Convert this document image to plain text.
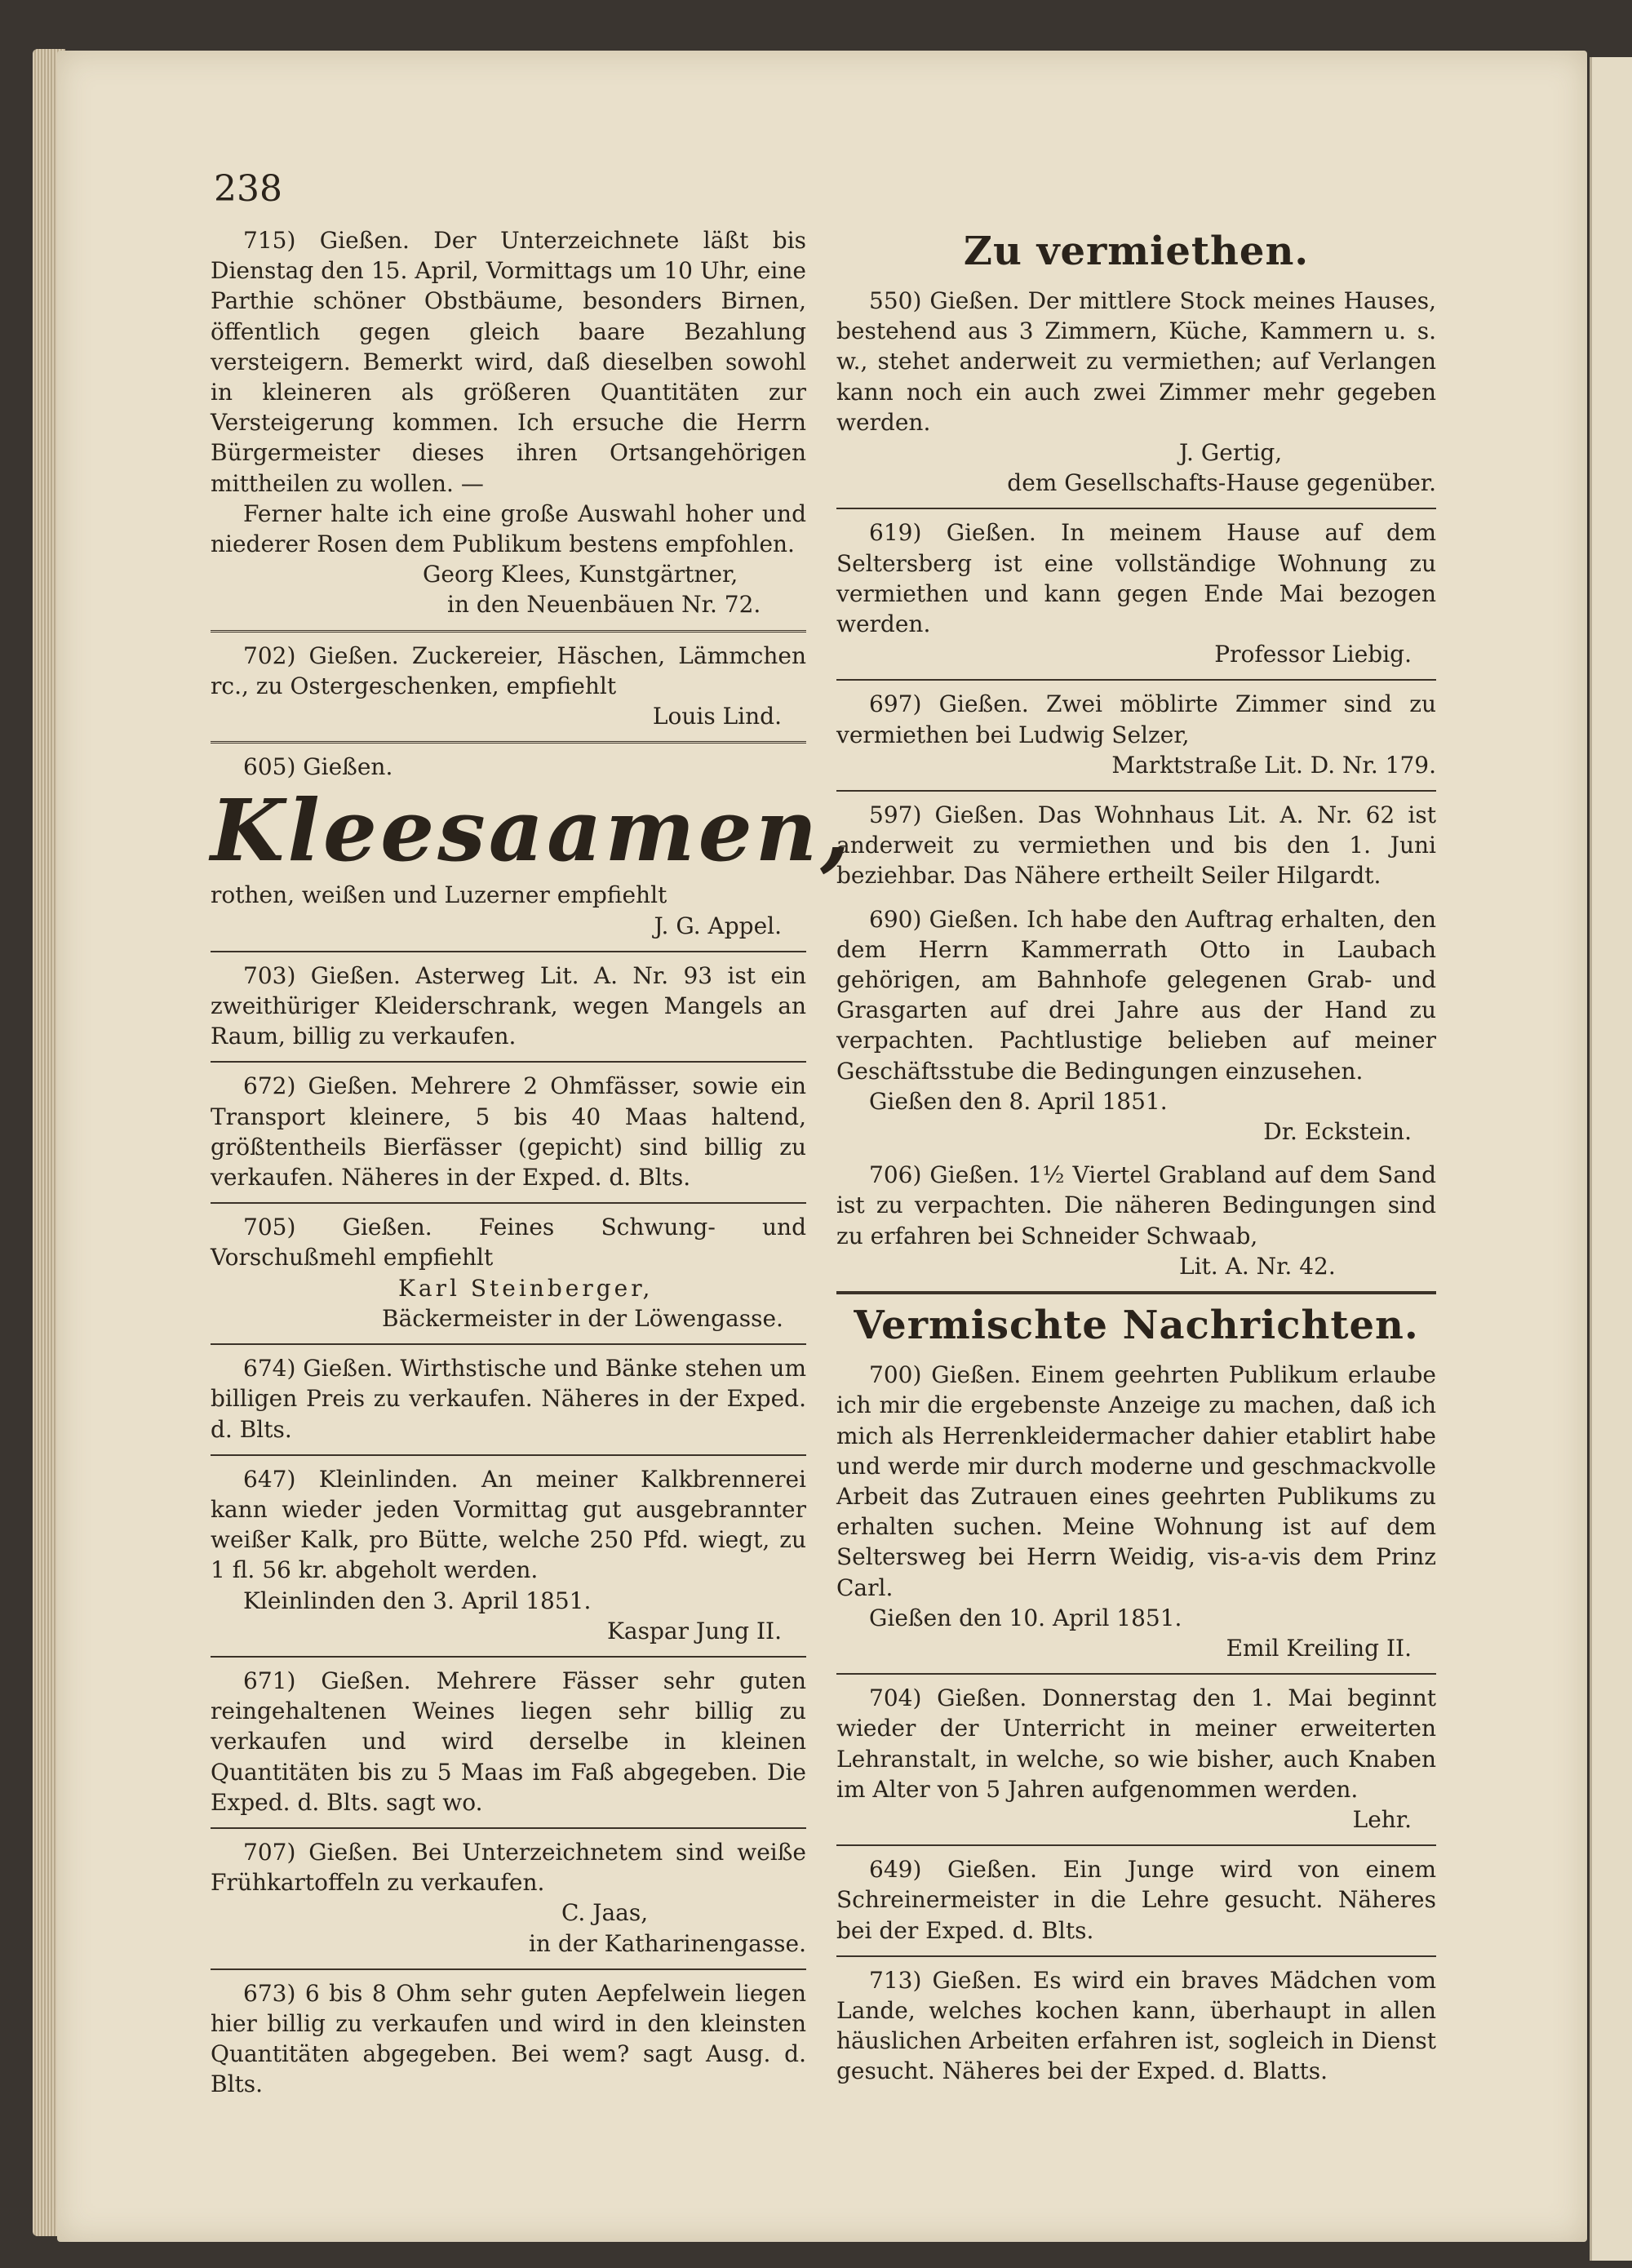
238

715) Gießen. Der Unterzeichnete läßt bis Dienstag den 15. April, Vormittags um 10 Uhr, eine Parthie schöner Obstbäume, besonders Birnen, öffentlich gegen gleich baare Bezahlung versteigern. Bemerkt wird, daß dieselben sowohl in kleineren als größeren Quantitäten zur Versteigerung kommen. Ich ersuche die Herrn Bürgermeister dieses ihren Ortsangehörigen mittheilen zu wollen. —

Ferner halte ich eine große Auswahl hoher und niederer Rosen dem Publikum bestens empfohlen.

Georg Klees, Kunstgärtner,

in den Neuenbäuen Nr. 72.

702) Gießen. Zuckereier, Häschen, Lämmchen rc., zu Ostergeschenken, empfiehlt

Louis Lind.

605) Gießen.

Kleesaamen,

rothen, weißen und Luzerner empfiehlt

J. G. Appel.

703) Gießen. Asterweg Lit. A. Nr. 93 ist ein zweithüriger Kleiderschrank, wegen Mangels an Raum, billig zu verkaufen.

672) Gießen. Mehrere 2 Ohmfässer, sowie ein Transport kleinere, 5 bis 40 Maas haltend, größtentheils Bierfässer (gepicht) sind billig zu verkaufen. Näheres in der Exped. d. Blts.

705) Gießen. Feines Schwung- und Vorschußmehl empfiehlt

Karl Steinberger,

Bäckermeister in der Löwengasse.

674) Gießen. Wirthstische und Bänke stehen um billigen Preis zu verkaufen. Näheres in der Exped. d. Blts.

647) Kleinlinden. An meiner Kalkbrennerei kann wieder jeden Vormittag gut ausgebrannter weißer Kalk, pro Bütte, welche 250 Pfd. wiegt, zu 1 fl. 56 kr. abgeholt werden.

Kleinlinden den 3. April 1851.

Kaspar Jung II.

671) Gießen. Mehrere Fässer sehr guten reingehaltenen Weines liegen sehr billig zu verkaufen und wird derselbe in kleinen Quantitäten bis zu 5 Maas im Faß abgegeben. Die Exped. d. Blts. sagt wo.

707) Gießen. Bei Unterzeichnetem sind weiße Frühkartoffeln zu verkaufen.

C. Jaas,

in der Katharinengasse.

673) 6 bis 8 Ohm sehr guten Aepfelwein liegen hier billig zu verkaufen und wird in den kleinsten Quantitäten abgegeben. Bei wem? sagt Ausg. d. Blts.

Zu vermiethen.

550) Gießen. Der mittlere Stock meines Hauses, bestehend aus 3 Zimmern, Küche, Kammern u. s. w., stehet anderweit zu vermiethen; auf Verlangen kann noch ein auch zwei Zimmer mehr gegeben werden.

J. Gertig,

dem Gesellschafts-Hause gegenüber.

619) Gießen. In meinem Hause auf dem Seltersberg ist eine vollständige Wohnung zu vermiethen und kann gegen Ende Mai bezogen werden.

Professor Liebig.

697) Gießen. Zwei möblirte Zimmer sind zu vermiethen bei Ludwig Selzer,

Marktstraße Lit. D. Nr. 179.

597) Gießen. Das Wohnhaus Lit. A. Nr. 62 ist anderweit zu vermiethen und bis den 1. Juni beziehbar. Das Nähere ertheilt Seiler Hilgardt.

690) Gießen. Ich habe den Auftrag erhalten, den dem Herrn Kammerrath Otto in Laubach gehörigen, am Bahnhofe gelegenen Grab- und Grasgarten auf drei Jahre aus der Hand zu verpachten. Pachtlustige belieben auf meiner Geschäftsstube die Bedingungen einzusehen.

Gießen den 8. April 1851.

Dr. Eckstein.

706) Gießen. 1½ Viertel Grabland auf dem Sand ist zu verpachten. Die näheren Bedingungen sind zu erfahren bei Schneider Schwaab,

Lit. A. Nr. 42.

Vermischte Nachrichten.

700) Gießen. Einem geehrten Publikum erlaube ich mir die ergebenste Anzeige zu machen, daß ich mich als Herrenkleidermacher dahier etablirt habe und werde mir durch moderne und geschmackvolle Arbeit das Zutrauen eines geehrten Publikums zu erhalten suchen. Meine Wohnung ist auf dem Seltersweg bei Herrn Weidig, vis-a-vis dem Prinz Carl.

Gießen den 10. April 1851.

Emil Kreiling II.

704) Gießen. Donnerstag den 1. Mai beginnt wieder der Unterricht in meiner erweiterten Lehranstalt, in welche, so wie bisher, auch Knaben im Alter von 5 Jahren aufgenommen werden.

Lehr.

649) Gießen. Ein Junge wird von einem Schreinermeister in die Lehre gesucht. Näheres bei der Exped. d. Blts.

713) Gießen. Es wird ein braves Mädchen vom Lande, welches kochen kann, überhaupt in allen häuslichen Arbeiten erfahren ist, sogleich in Dienst gesucht. Näheres bei der Exped. d. Blatts.
